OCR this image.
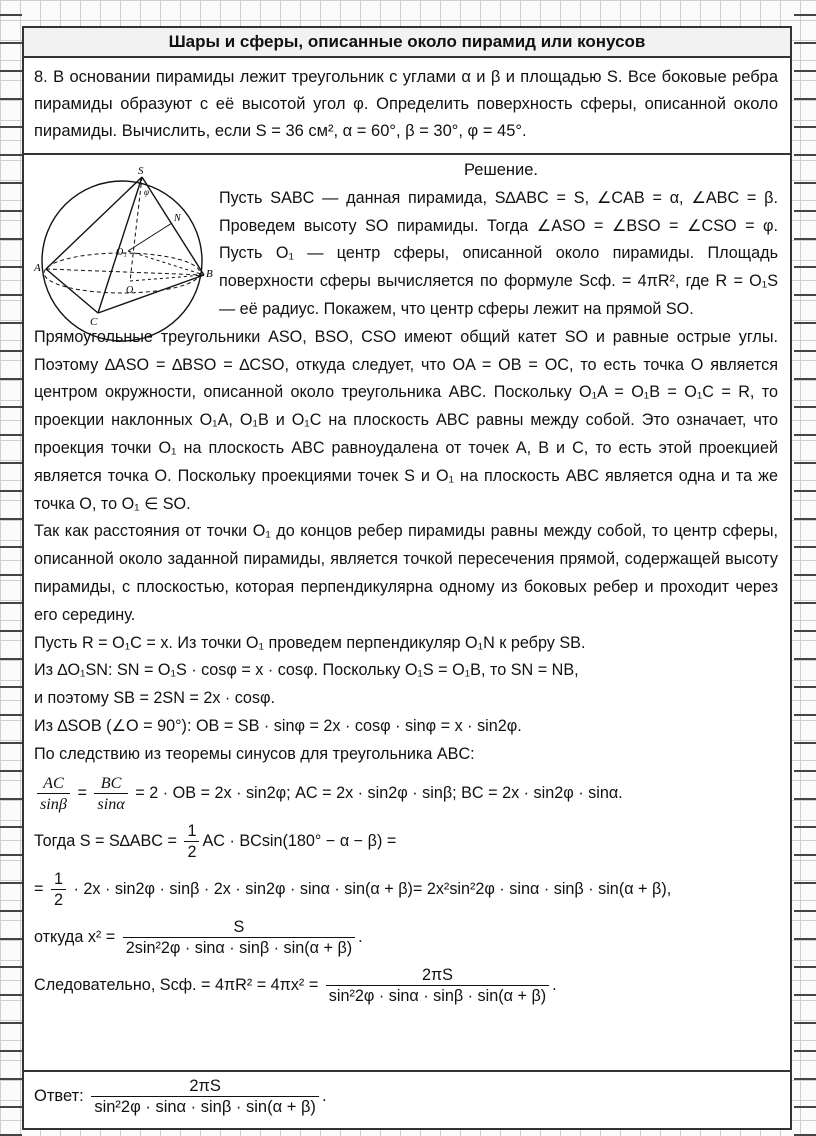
Шары и сферы, описанные около пирамид или конусов
8. В основании пирамиды лежит треугольник с углами α и β и площадью S. Все боковые ребра пирамиды образуют с её высотой угол φ. Определить поверхность сферы, описанной около пирамиды. Вычислить, если S = 36 см², α = 60°, β = 30°, φ = 45°.
Решение.
S
A	B
C
O
O₁
N
φ	Пусть SABC — данная пирамида, S∆ABC = S, ∠CAB = α, ∠ABC = β. Проведем высоту SO пирамиды. Тогда ∠ASO = ∠BSO = ∠CSO = φ. Пусть O₁ — центр сферы, описанной около пирамиды. Площадь поверхности сферы вычисляется по формуле Sсф. = 4πR², где R = O₁S — её радиус. Покажем, что центр сферы лежит на прямой SO.
Прямоугольные треугольники ASO, BSO, CSO имеют общий катет SO и равные острые углы. Поэтому ∆ASO = ∆BSO = ∆CSO, откуда следует, что OA = OB = OC, то есть точка O является центром окружности, описанной около треугольника ABC. Поскольку O₁A = O₁B = O₁C = R, то проекции наклонных O₁A, O₁B и O₁C на плоскость ABC равны между собой. Это означает, что проекция точки O₁ на плоскость ABC равноудалена от точек A, B и C, то есть этой проекцией является точка O. Поскольку проекциями точек S и O₁ на плоскость ABC является одна и та же точка O, то O₁ ∈ SO.
Так как расстояния от точки O₁ до концов ребер пирамиды равны между собой, то центр сферы, описанной около заданной пирамиды, является точкой пересечения прямой, содержащей высоту пирамиды, с плоскостью, которая перпендикулярна одному из боковых ребер и проходит через его середину.
Пусть R = O₁C = x. Из точки O₁ проведем перпендикуляр O₁N к ребру SB.
Из ∆O₁SN: SN = O₁S · cosφ = x · cosφ. Поскольку O₁S = O₁B, то SN = NB,
и поэтому SB = 2SN = 2x · cosφ.
Из ∆SOB (∠O = 90°): OB = SB · sinφ = 2x · cosφ · sinφ = x · sin2φ.
По следствию из теоремы синусов для треугольника ABC:
$\frac{AC}{\sin\beta} = \frac{BC}{\sin\alpha} = 2$ · OB = 2x · sin2φ; AC = 2x · sin2φ · sinβ; BC = 2x · sin2φ · sinα.
Тогда $S = S\Delta ABC = \frac{1}{2}$ AC · BCsin(180° − α − β) =
= $\frac{1}{2} \cdot 2x \cdot \sin 2\varphi \cdot \sin\beta \cdot 2x \cdot \sin 2\varphi \cdot \sin\alpha \cdot \sin(\alpha + \beta)= 2x^2\sin^22\varphi \cdot \sin\alpha \cdot \sin\beta \cdot \sin(\alpha + \beta)$,
откуда $x^2 = \frac{S}{\text{2sin²2φ · sinα · sinβ · sin(α + β)}}$ .
Следовательно, Sсф. = $4\pi R^2 = 4\pi x^2 = \frac{2\pi S}{\text{sin²2φ · sinα · sinβ · sin(α + β)}}$ .
Ответ: $\frac{2\pi S}{\text{sin²2φ · sinα · sinβ · sin(α + β)}}$ .
